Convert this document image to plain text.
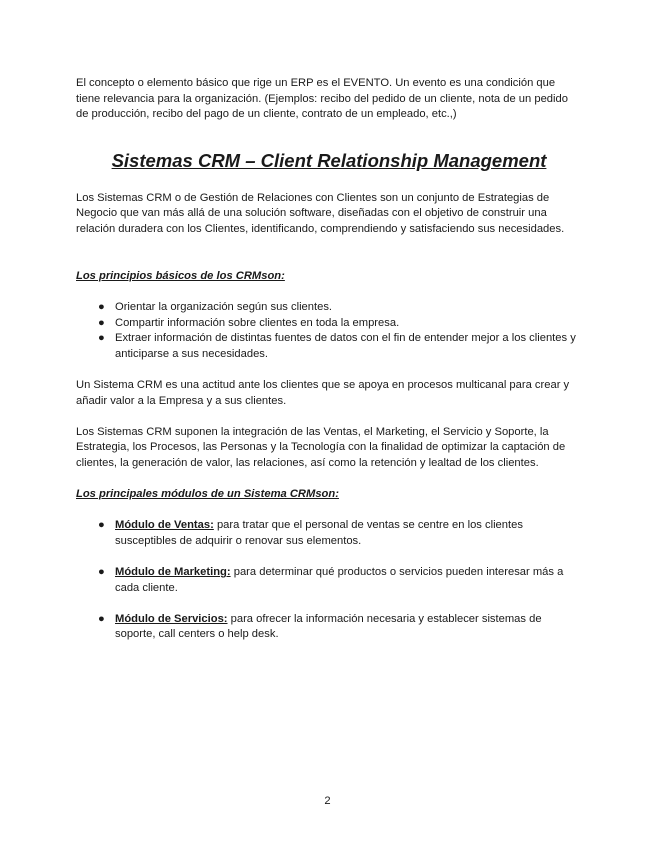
El concepto o elemento básico que rige un ERP es el EVENTO. Un evento es una condición que tiene relevancia para la organización. (Ejemplos: recibo del pedido de un cliente, nota de un pedido de producción, recibo del pago de un cliente, contrato de un empleado, etc.,)

Sistemas CRM – Client Relationship Management

Los Sistemas CRM o de Gestión de Relaciones con Clientes son un conjunto de Estrategias de Negocio que van más allá de una solución software, diseñadas con el objetivo de construir una relación duradera con los Clientes, identificando, comprendiendo y satisfaciendo sus necesidades.

Los principios básicos de los CRMson:

● Orientar la organización según sus clientes.
● Compartir información sobre clientes en toda la empresa.
● Extraer información de distintas fuentes de datos con el fin de entender mejor a los clientes y anticiparse a sus necesidades.

Un Sistema CRM es una actitud ante los clientes que se apoya en procesos multicanal para crear y añadir valor a la Empresa y a sus clientes.

Los Sistemas CRM suponen la integración de las Ventas, el Marketing, el Servicio y Soporte, la Estrategia, los Procesos, las Personas y la Tecnología con la finalidad de optimizar la captación de clientes, la generación de valor, las relaciones, así como la retención y lealtad de los clientes.

Los principales módulos de un Sistema CRMson:

● Módulo de Ventas: para tratar que el personal de ventas se centre en los clientes susceptibles de adquirir o renovar sus elementos.
● Módulo de Marketing: para determinar qué productos o servicios pueden interesar más a cada cliente.
● Módulo de Servicios: para ofrecer la información necesaria y establecer sistemas de soporte, call centers o help desk.
2
